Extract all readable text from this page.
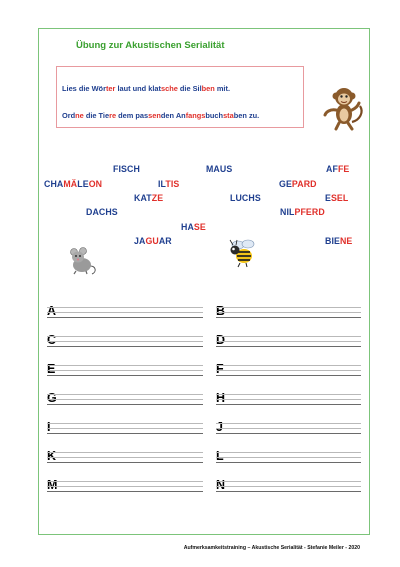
Übung zur Akustischen Serialität
Lies die Wörter laut und klatsche die Silben mit.
Ordne die Tiere dem passenden Anfangsbuchstaben zu.
FISCH	MAUS	AFFE
CHAMÄLEON	ILTIS	GEPARD
KATZE	LUCHS	ESEL
DACHS	NILPFERD
HASE
JAGUAR	BIENE
A	B
C	D
E	F
G	H
I	J
K	L
M	N
Aufmerksamkeitstraining – Akustische Serialität - Stefanie Meiler - 2020
